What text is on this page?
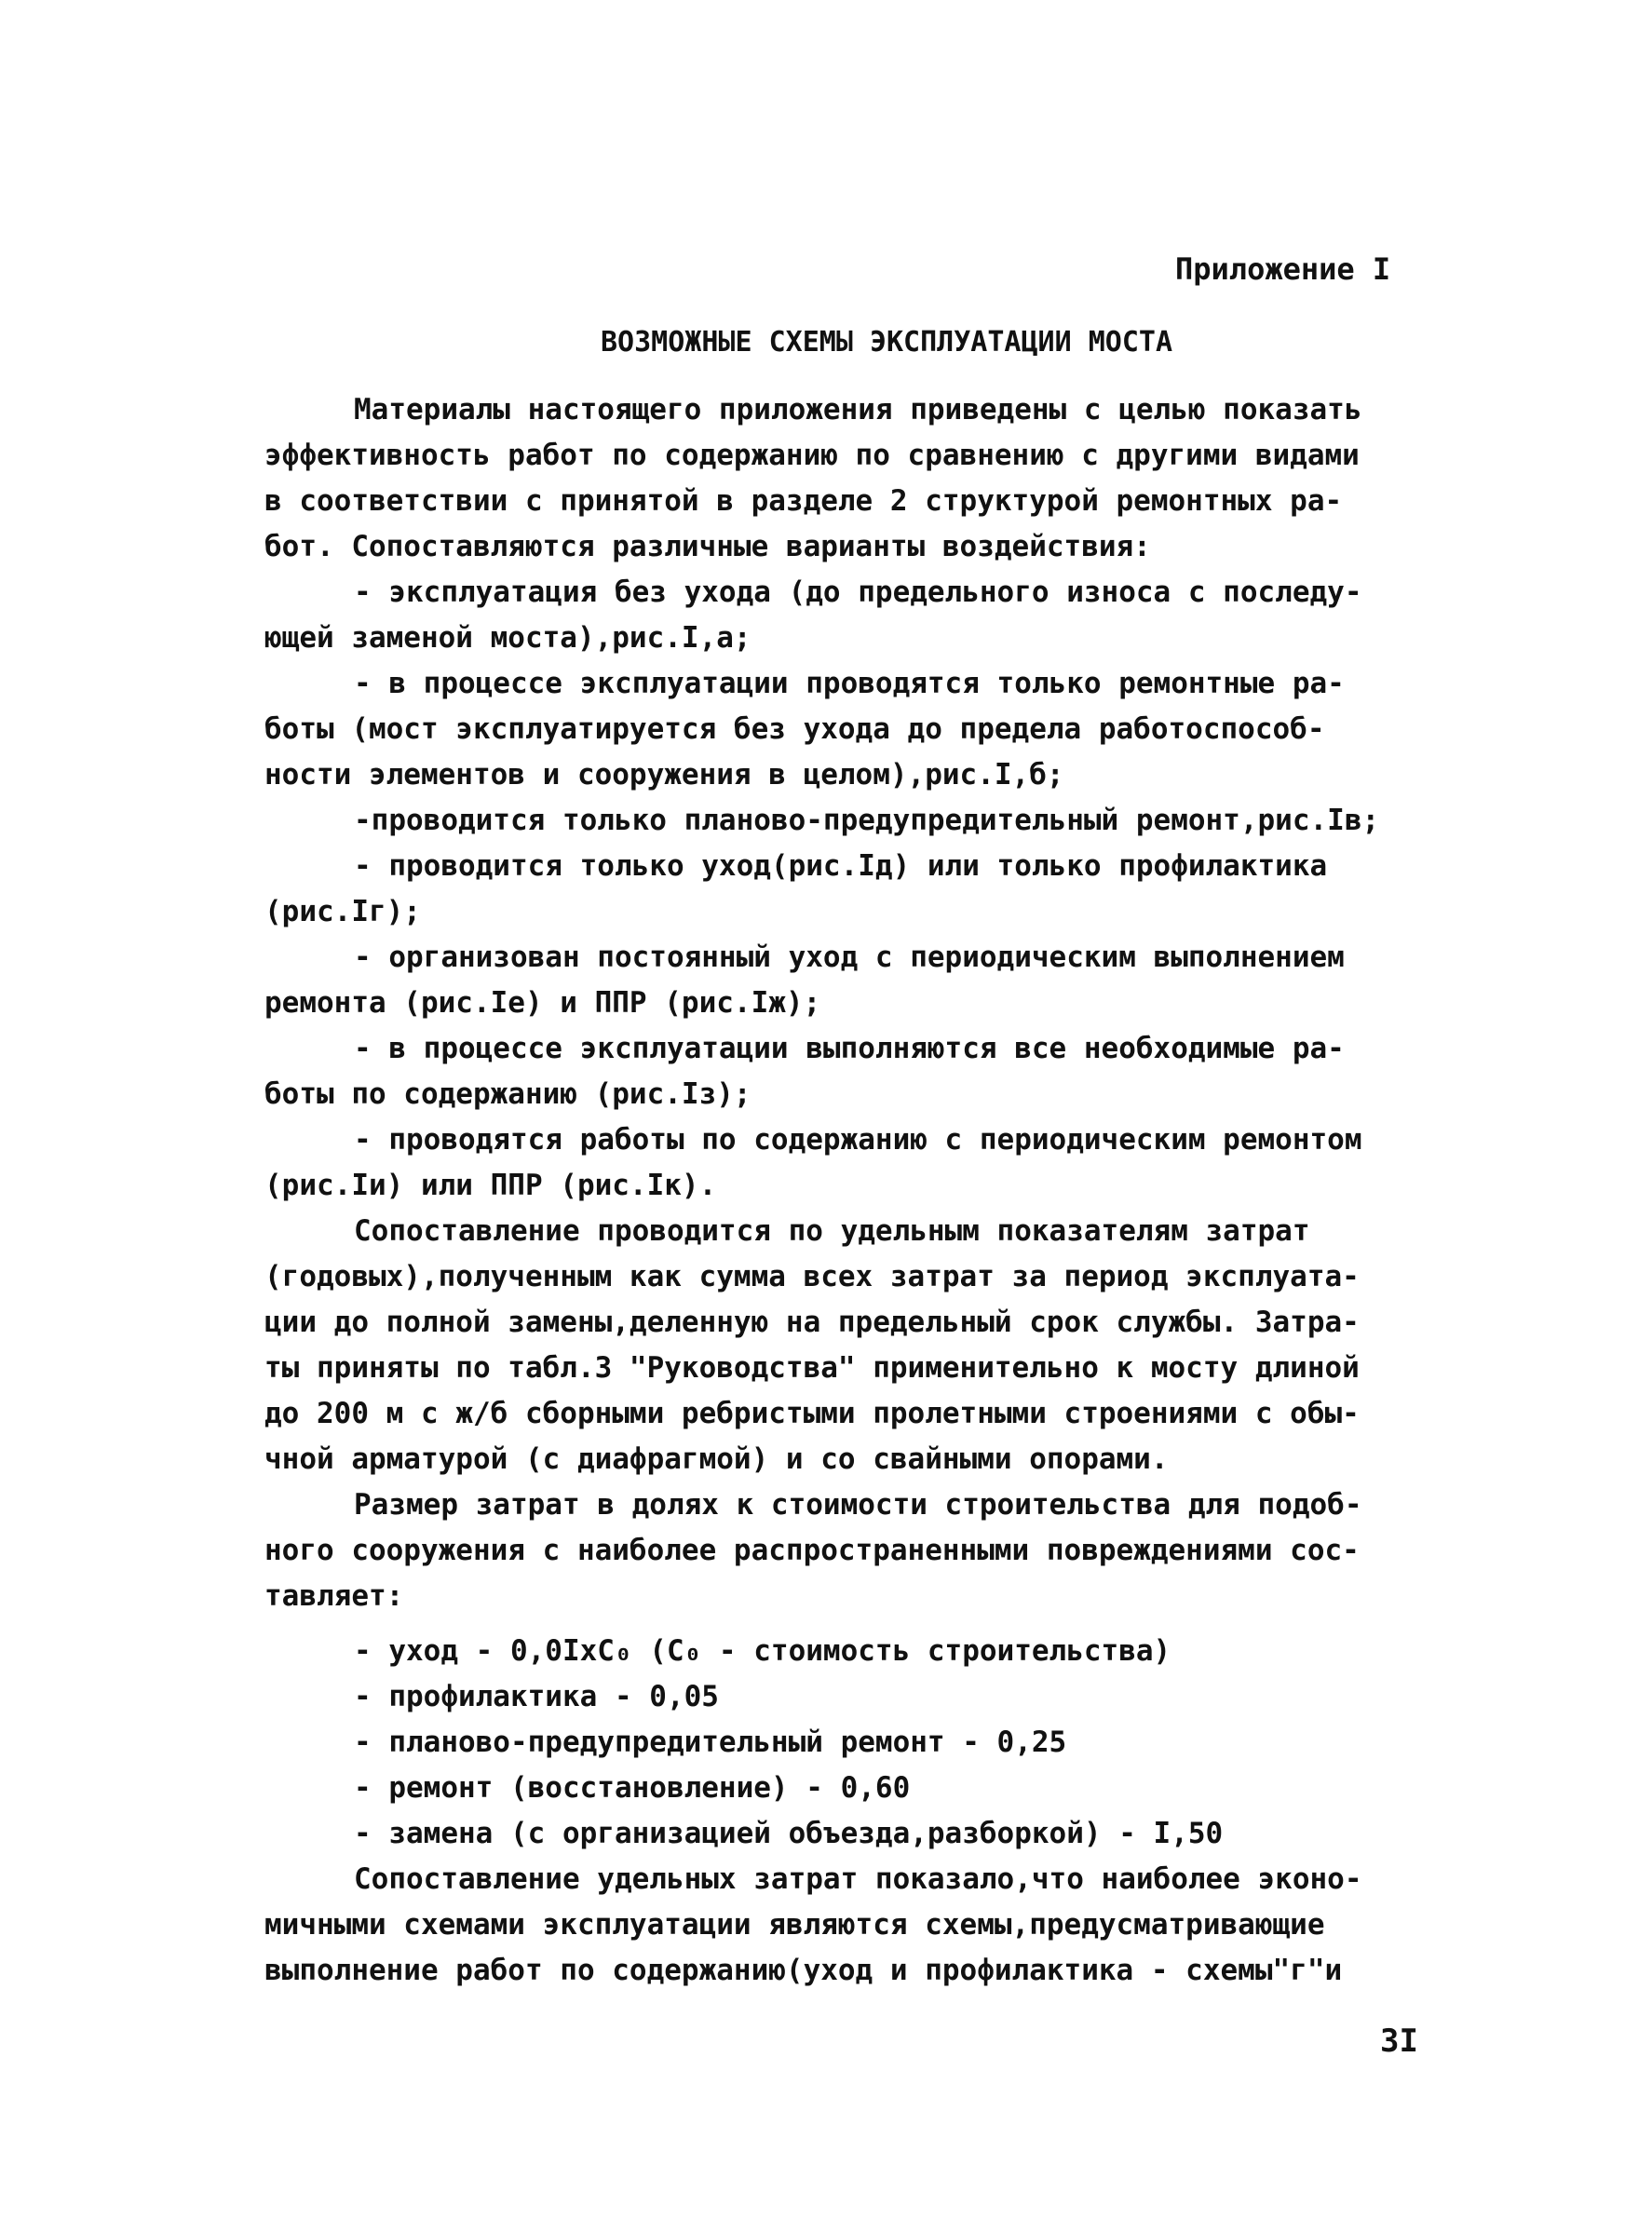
Приложение I
ВОЗМОЖНЫЕ СХЕМЫ ЭКСПЛУАТАЦИИ МОСТА
Материалы настоящего приложения приведены с целью показать
эффективность работ по содержанию по сравнению с другими видами
в соответствии с принятой в разделе 2 структурой ремонтных ра-
бот. Сопоставляются различные варианты воздействия:
- эксплуатация без ухода (до предельного износа с последу-
ющей заменой моста),рис.I,а;
- в процессе эксплуатации проводятся только ремонтные ра-
боты (мост эксплуатируется без ухода до предела работоспособ-
ности элементов и сооружения в целом),рис.I,б;
-проводится только планово-предупредительный ремонт,рис.Iв;
- проводится только уход(рис.Iд) или только профилактика
(рис.Iг);
- организован постоянный уход с периодическим выполнением
ремонта (рис.Iе) и ППР (рис.Iж);
- в процессе эксплуатации выполняются все необходимые ра-
боты по содержанию (рис.Iз);
- проводятся работы по содержанию с периодическим ремонтом
(рис.Iи) или ППР (рис.Iк).
Сопоставление проводится по удельным показателям затрат
(годовых),полученным как сумма всех затрат за период эксплуата-
ции до полной замены,деленную на предельный срок службы. Затра-
ты приняты по табл.3 "Руководства" применительно к мосту длиной
до 200 м с ж/б сборными ребристыми пролетными строениями с обы-
чной арматурой (с диафрагмой) и со свайными опорами.
Размер затрат в долях к стоимости строительства для подоб-
ного сооружения с наиболее распространенными повреждениями сос-
тавляет:
- уход - 0,0IxC₀ (C₀ - стоимость строительства)
- профилактика - 0,05
- планово-предупредительный ремонт - 0,25
- ремонт (восстановление) - 0,60
- замена (с организацией объезда,разборкой) - I,50
Сопоставление удельных затрат показало,что наиболее эконо-
мичными схемами эксплуатации являются схемы,предусматривающие
выполнение работ по содержанию(уход и профилактика - схемы"г"и
3I
